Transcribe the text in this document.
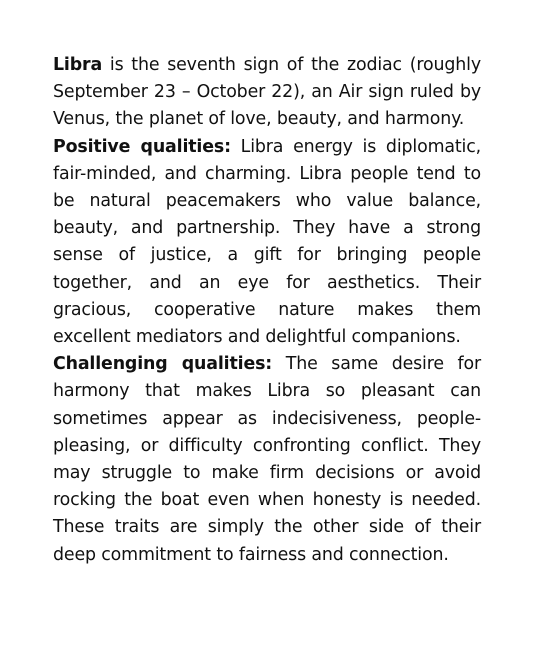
Libra is the seventh sign of the zodiac (roughly September 23 – October 22), an Air sign ruled by Venus, the planet of love, beauty, and harmony.

Positive qualities: Libra energy is diplomatic, fair-minded, and charming. Libra people tend to be natural peacemakers who value balance, beauty, and partnership. They have a strong sense of justice, a gift for bringing people together, and an eye for aesthetics. Their gracious, cooperative nature makes them excellent mediators and delightful companions.

Challenging qualities: The same desire for harmony that makes Libra so pleasant can sometimes appear as indecisiveness, people-pleasing, or difficulty confronting conflict. They may struggle to make firm decisions or avoid rocking the boat even when honesty is needed. These traits are simply the other side of their deep commitment to fairness and connection.
